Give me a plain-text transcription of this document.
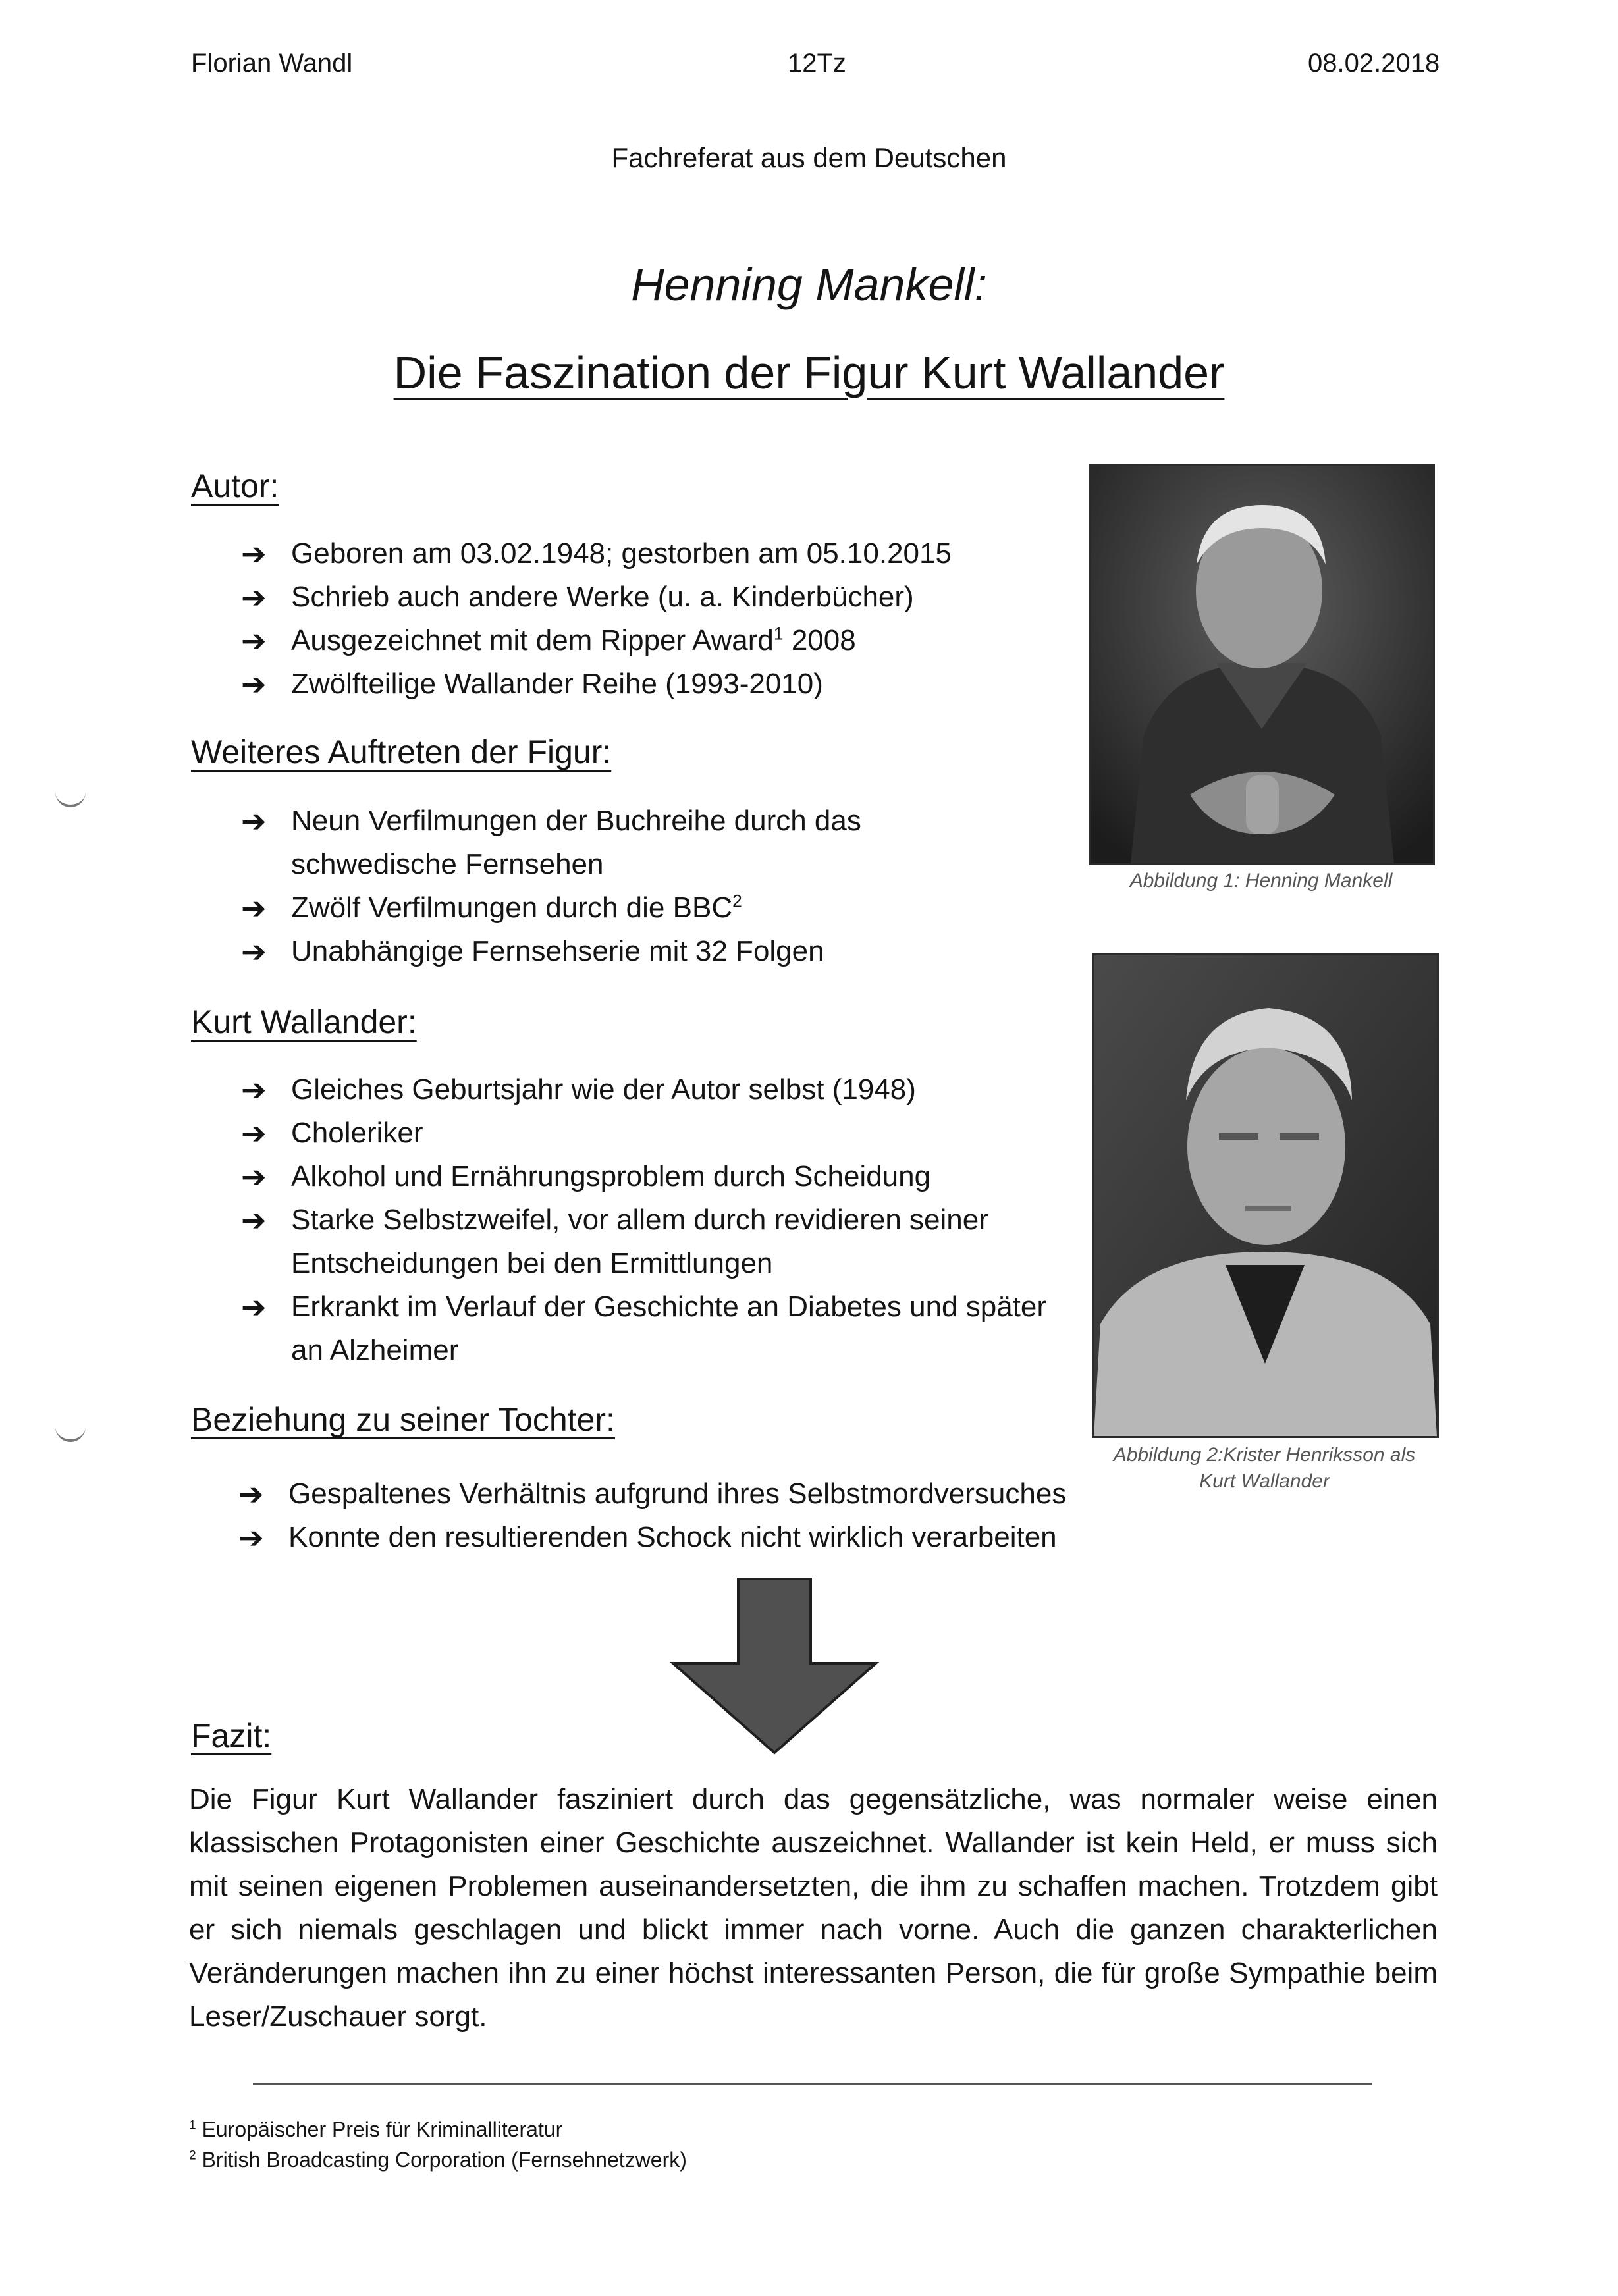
Florian Wandl	12Tz	08.02.2018
Fachreferat aus dem Deutschen
Henning Mankell:
Die Faszination der Figur Kurt Wallander
Autor:
➔ Geboren am 03.02.1948; gestorben am 05.10.2015
➔ Schrieb auch andere Werke (u. a. Kinderbücher)
➔ Ausgezeichnet mit dem Ripper Award$^1$ 2008
➔ Zwölfteilige Wallander Reihe (1993-2010)
Weiteres Auftreten der Figur:
➔ Neun Verfilmungen der Buchreihe durch das schwedische Fernsehen
➔ Zwölf Verfilmungen durch die BBC$^2$
➔ Unabhängige Fernsehserie mit 32 Folgen
Kurt Wallander:
➔ Gleiches Geburtsjahr wie der Autor selbst (1948)
➔ Choleriker
➔ Alkohol und Ernährungsproblem durch Scheidung
➔ Starke Selbstzweifel, vor allem durch revidieren seiner Entscheidungen bei den Ermittlungen
➔ Erkrankt im Verlauf der Geschichte an Diabetes und später an Alzheimer
Beziehung zu seiner Tochter:
➔ Gespaltenes Verhältnis aufgrund ihres Selbstmordversuches
➔ Konnte den resultierenden Schock nicht wirklich verarbeiten
Fazit:
Die Figur Kurt Wallander fasziniert durch das gegensätzliche, was normaler weise einen klassischen Protagonisten einer Geschichte auszeichnet. Wallander ist kein Held, er muss sich mit seinen eigenen Problemen auseinandersetzten, die ihm zu schaffen machen. Trotzdem gibt er sich niemals geschlagen und blickt immer nach vorne. Auch die ganzen charakterlichen Veränderungen machen ihn zu einer höchst interessanten Person, die für große Sympathie beim Leser/Zuschauer sorgt.
Abbildung 1: Henning Mankell
Abbildung 2:Krister Henriksson als
Kurt Wallander
$^1$ Europäischer Preis für Kriminalliteratur
$^2$ British Broadcasting Corporation (Fernsehnetzwerk)
